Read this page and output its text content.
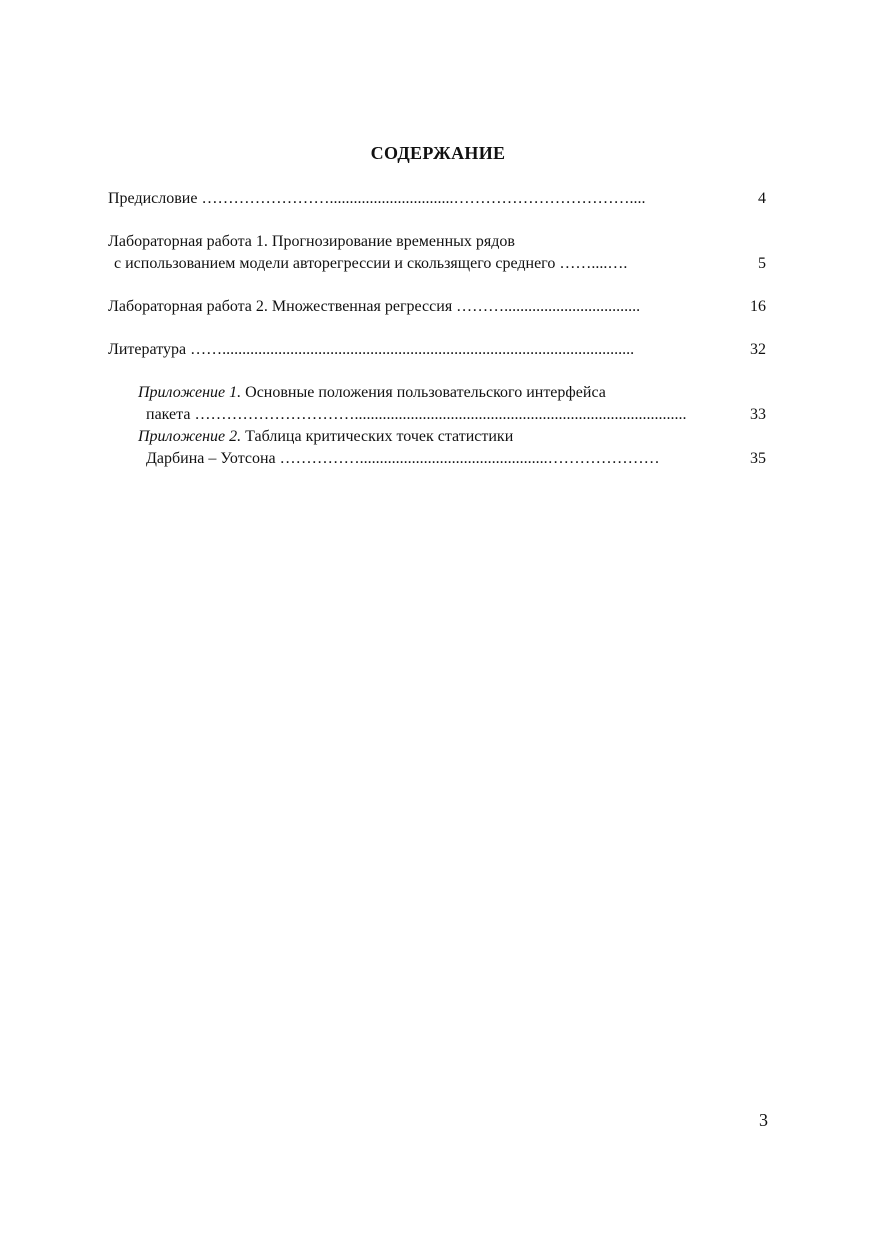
СОДЕРЖАНИЕ
Предисловие ……………………...............................……………………………....	4
Лабораторная работа 1. Прогнозирование временных рядов
с использованием модели авторегрессии и скользящего среднего ……....….	5
Лабораторная работа 2. Множественная регрессия ………..................................	16
Литература …….......................................................................................................	32
Приложение 1. Основные положения пользовательского интерфейса
пакета …………………………...................................................................................	33
Приложение 2. Таблица критических точек статистики
Дарбина – Уотсона ……………...............................................…………………	35
3
